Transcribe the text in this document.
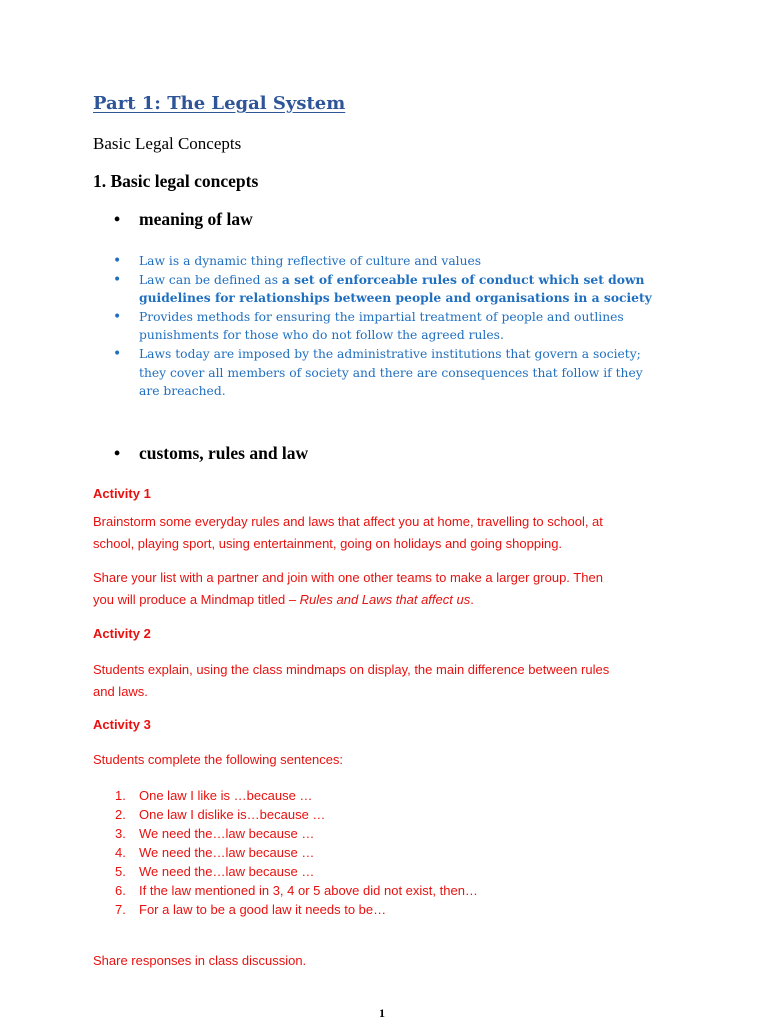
Part 1: The Legal System
Basic Legal Concepts
1. Basic legal concepts
• meaning of law
• Law is a dynamic thing reflective of culture and values
• Law can be defined as a set of enforceable rules of conduct which set down
guidelines for relationships between people and organisations in a society
• Provides methods for ensuring the impartial treatment of people and outlines
punishments for those who do not follow the agreed rules.
• Laws today are imposed by the administrative institutions that govern a society;
they cover all members of society and there are consequences that follow if they
are breached.
• customs, rules and law
Activity 1
Brainstorm some everyday rules and laws that affect you at home, travelling to school, at
school, playing sport, using entertainment, going on holidays and going shopping.
Share your list with a partner and join with one other teams to make a larger group. Then
you will produce a Mindmap titled – Rules and Laws that affect us.
Activity 2
Students explain, using the class mindmaps on display, the main difference between rules
and laws.
Activity 3
Students complete the following sentences:
1. One law I like is …because …
2. One law I dislike is…because …
3. We need the…law because …
4. We need the…law because …
5. We need the…law because …
6. If the law mentioned in 3, 4 or 5 above did not exist, then…
7. For a law to be a good law it needs to be…
Share responses in class discussion.
1
